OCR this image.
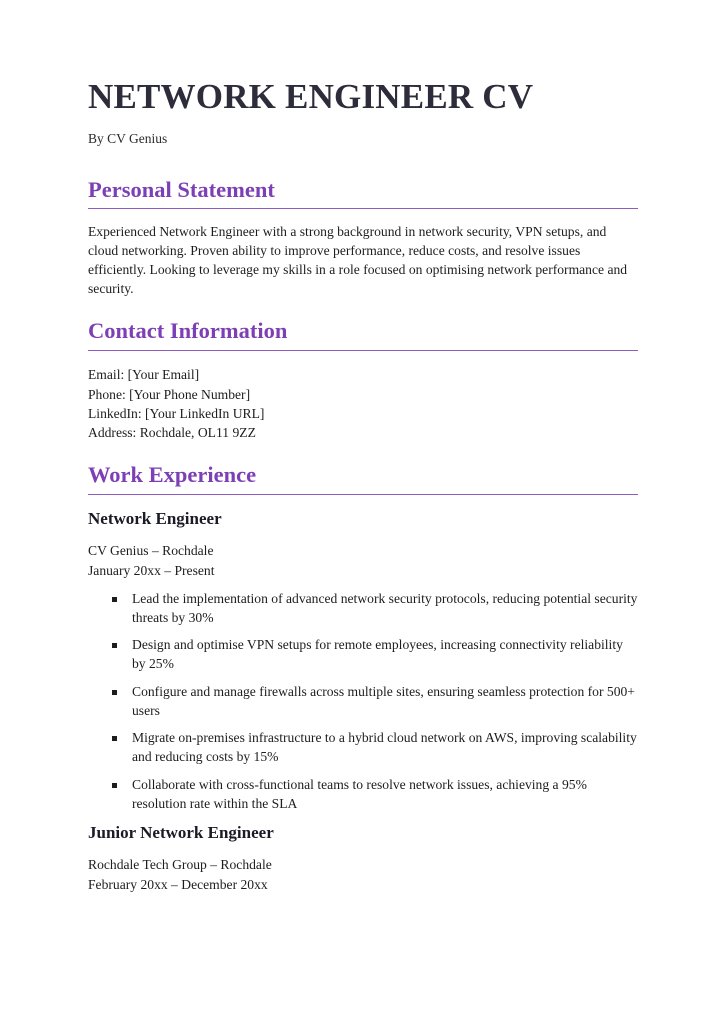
NETWORK ENGINEER CV
By CV Genius
Personal Statement

Experienced Network Engineer with a strong background in network security, VPN setups, and cloud networking. Proven ability to improve performance, reduce costs, and resolve issues efficiently. Looking to leverage my skills in a role focused on optimising network performance and security.

Contact Information
Email: [Your Email]
Phone: [Your Phone Number]
LinkedIn: [Your LinkedIn URL]
Address: Rochdale, OL11 9ZZ
Work Experience
Network Engineer
CV Genius – Rochdale
January 20xx – Present
Lead the implementation of advanced network security protocols, reducing potential security threats by 30%
Design and optimise VPN setups for remote employees, increasing connectivity reliability by 25%
Configure and manage firewalls across multiple sites, ensuring seamless protection for 500+ users
Migrate on-premises infrastructure to a hybrid cloud network on AWS, improving scalability and reducing costs by 15%
Collaborate with cross-functional teams to resolve network issues, achieving a 95% resolution rate within the SLA
Junior Network Engineer
Rochdale Tech Group – Rochdale
February 20xx – December 20xx
